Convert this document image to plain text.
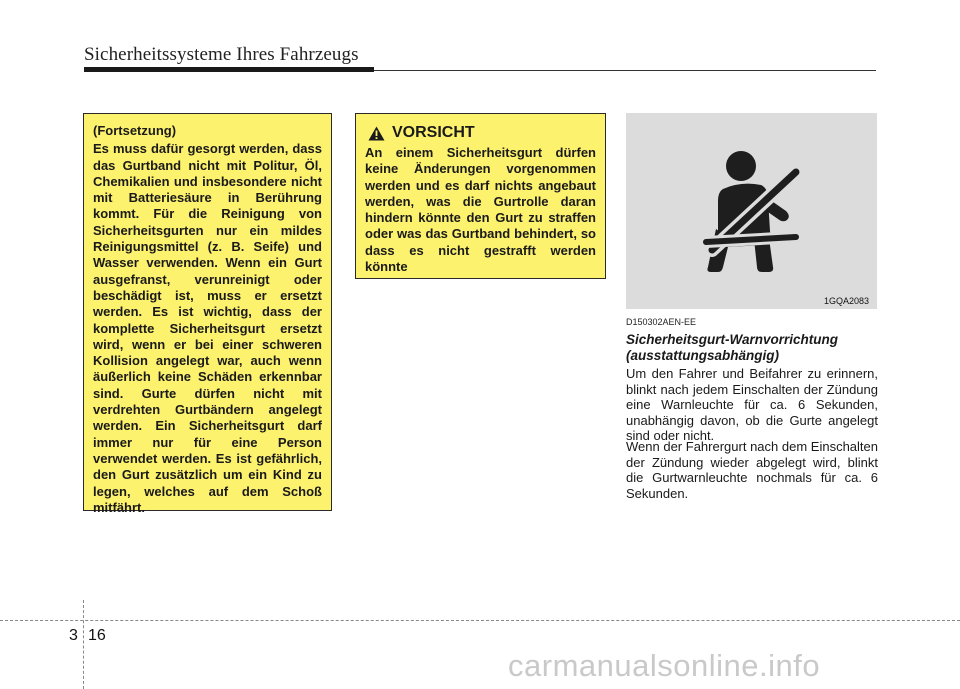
Sicherheitssysteme Ihres Fahrzeugs
(Fortsetzung)
Es muss dafür gesorgt werden, dass das Gurtband nicht mit Politur, Öl, Chemikalien und insbesondere nicht mit Batteriesäure in Berührung kommt. Für die Reinigung von Sicherheitsgurten nur ein mildes Reinigungsmittel (z. B. Seife) und Wasser verwenden. Wenn ein Gurt ausgefranst, verunreinigt oder beschädigt ist, muss er ersetzt werden. Es ist wichtig, dass der komplette Sicherheitsgurt ersetzt wird, wenn er bei einer schweren Kollision angelegt war, auch wenn äußerlich keine Schäden erkennbar sind. Gurte dürfen nicht mit verdrehten Gurtbändern angelegt werden. Ein Sicherheitsgurt darf immer nur für eine Person verwendet werden. Es ist gefährlich, den Gurt zusätzlich um ein Kind zu legen, welches auf dem Schoß mitfährt.
VORSICHT
An einem Sicherheitsgurt dürfen keine Änderungen vorgenommen werden und es darf nichts angebaut werden, was die Gurtrolle daran hindern könnte den Gurt zu straffen oder was das Gurtband behindert, so dass es nicht gestrafft werden könnte
1GQA2083
D150302AEN-EE
Sicherheitsgurt-Warnvorrichtung (ausstattungsabhängig)
Um den Fahrer und Beifahrer zu erinnern, blinkt nach jedem Einschalten der Zündung eine Warnleuchte für ca. 6 Sekunden, unabhängig davon, ob die Gurte angelegt sind oder nicht.
Wenn der Fahrergurt nach dem Einschalten der Zündung wieder abgelegt wird, blinkt die Gurtwarnleuchte nochmals für ca. 6 Sekunden.
3 16
carmanualsonline.info
